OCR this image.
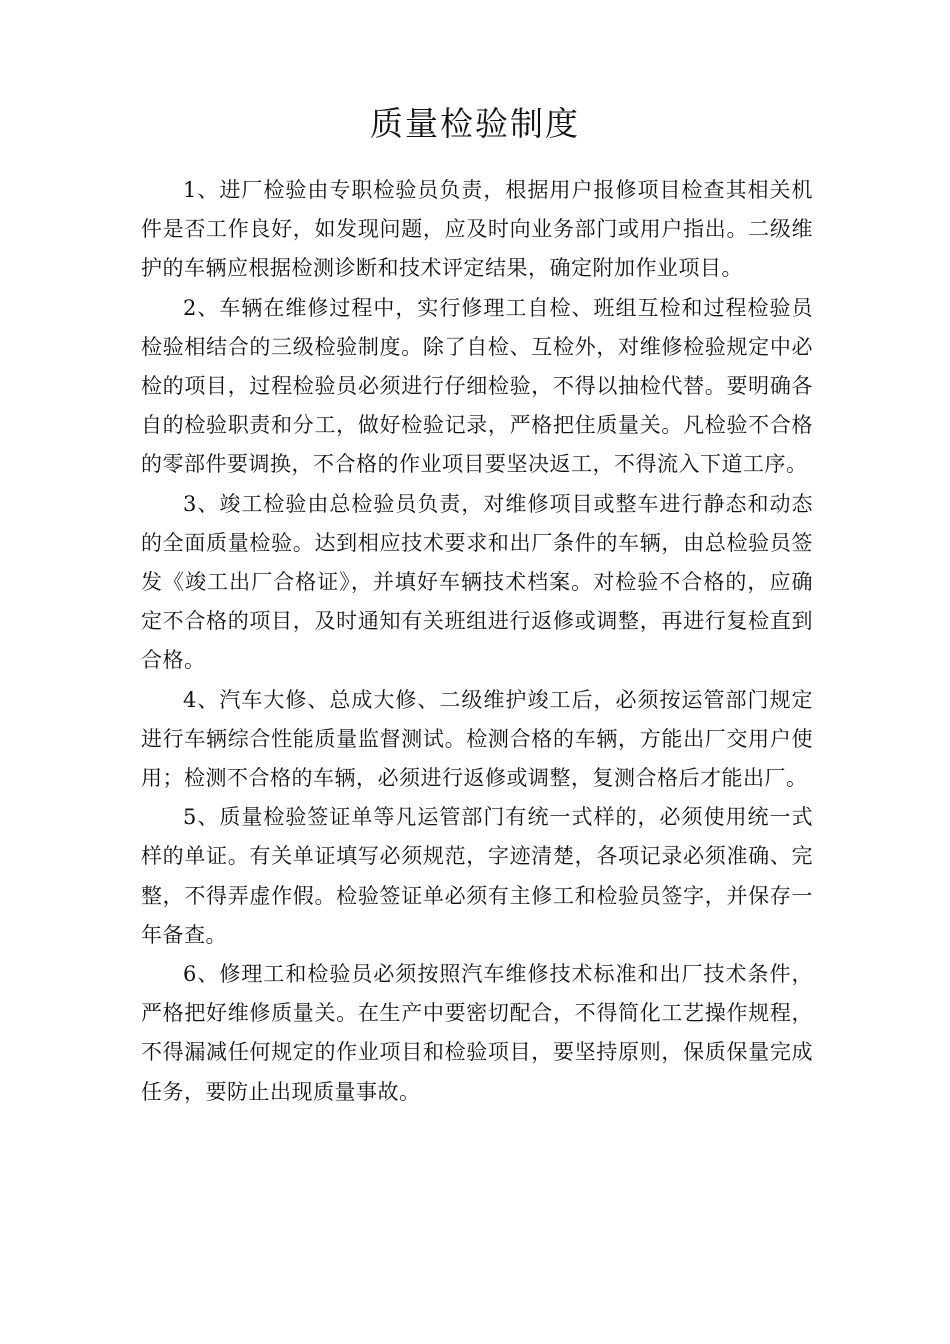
质量检验制度

1、进厂检验由专职检验员负责，根据用户报修项目检查其相关机件是否工作良好，如发现问题，应及时向业务部门或用户指出。二级维护的车辆应根据检测诊断和技术评定结果，确定附加作业项目。

2、车辆在维修过程中，实行修理工自检、班组互检和过程检验员检验相结合的三级检验制度。除了自检、互检外，对维修检验规定中必检的项目，过程检验员必须进行仔细检验，不得以抽检代替。要明确各自的检验职责和分工，做好检验记录，严格把住质量关。凡检验不合格的零部件要调换，不合格的作业项目要坚决返工，不得流入下道工序。

3、竣工检验由总检验员负责，对维修项目或整车进行静态和动态的全面质量检验。达到相应技术要求和出厂条件的车辆，由总检验员签发《竣工出厂合格证》，并填好车辆技术档案。对检验不合格的，应确定不合格的项目，及时通知有关班组进行返修或调整，再进行复检直到合格。

4、汽车大修、总成大修、二级维护竣工后，必须按运管部门规定进行车辆综合性能质量监督测试。检测合格的车辆，方能出厂交用户使用；检测不合格的车辆，必须进行返修或调整，复测合格后才能出厂。

5、质量检验签证单等凡运管部门有统一式样的，必须使用统一式样的单证。有关单证填写必须规范，字迹清楚，各项记录必须准确、完整，不得弄虚作假。检验签证单必须有主修工和检验员签字，并保存一年备查。

6、修理工和检验员必须按照汽车维修技术标准和出厂技术条件，严格把好维修质量关。在生产中要密切配合，不得简化工艺操作规程，不得漏减任何规定的作业项目和检验项目，要坚持原则，保质保量完成任务，要防止出现质量事故。
